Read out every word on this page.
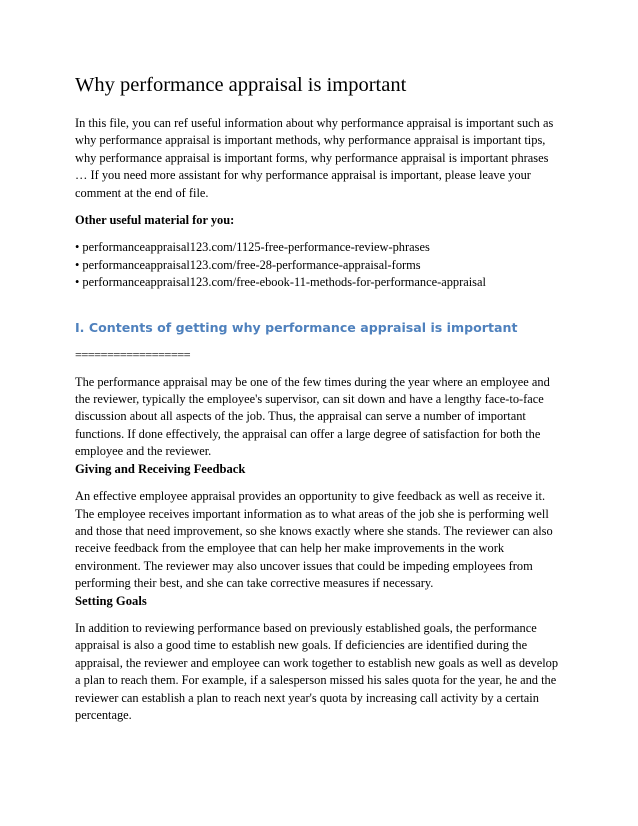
Why performance appraisal is important

In this file, you can ref useful information about why performance appraisal is important such as
why performance appraisal is important methods, why performance appraisal is important tips,
why performance appraisal is important forms, why performance appraisal is important phrases
… If you need more assistant for why performance appraisal is important, please leave your
comment at the end of file.

Other useful material for you:

• performanceappraisal123.com/1125-free-performance-review-phrases
• performanceappraisal123.com/free-28-performance-appraisal-forms
• performanceappraisal123.com/free-ebook-11-methods-for-performance-appraisal
I. Contents of getting why performance appraisal is important

==================

The performance appraisal may be one of the few times during the year where an employee and
the reviewer, typically the employee's supervisor, can sit down and have a lengthy face-to-face
discussion about all aspects of the job. Thus, the appraisal can serve a number of important
functions. If done effectively, the appraisal can offer a large degree of satisfaction for both the
employee and the reviewer.

Giving and Receiving Feedback

An effective employee appraisal provides an opportunity to give feedback as well as receive it.
The employee receives important information as to what areas of the job she is performing well
and those that need improvement, so she knows exactly where she stands. The reviewer can also
receive feedback from the employee that can help her make improvements in the work
environment. The reviewer may also uncover issues that could be impeding employees from
performing their best, and she can take corrective measures if necessary.

Setting Goals

In addition to reviewing performance based on previously established goals, the performance
appraisal is also a good time to establish new goals. If deficiencies are identified during the
appraisal, the reviewer and employee can work together to establish new goals as well as develop
a plan to reach them. For example, if a salesperson missed his sales quota for the year, he and the
reviewer can establish a plan to reach next year's quota by increasing call activity by a certain
percentage.
